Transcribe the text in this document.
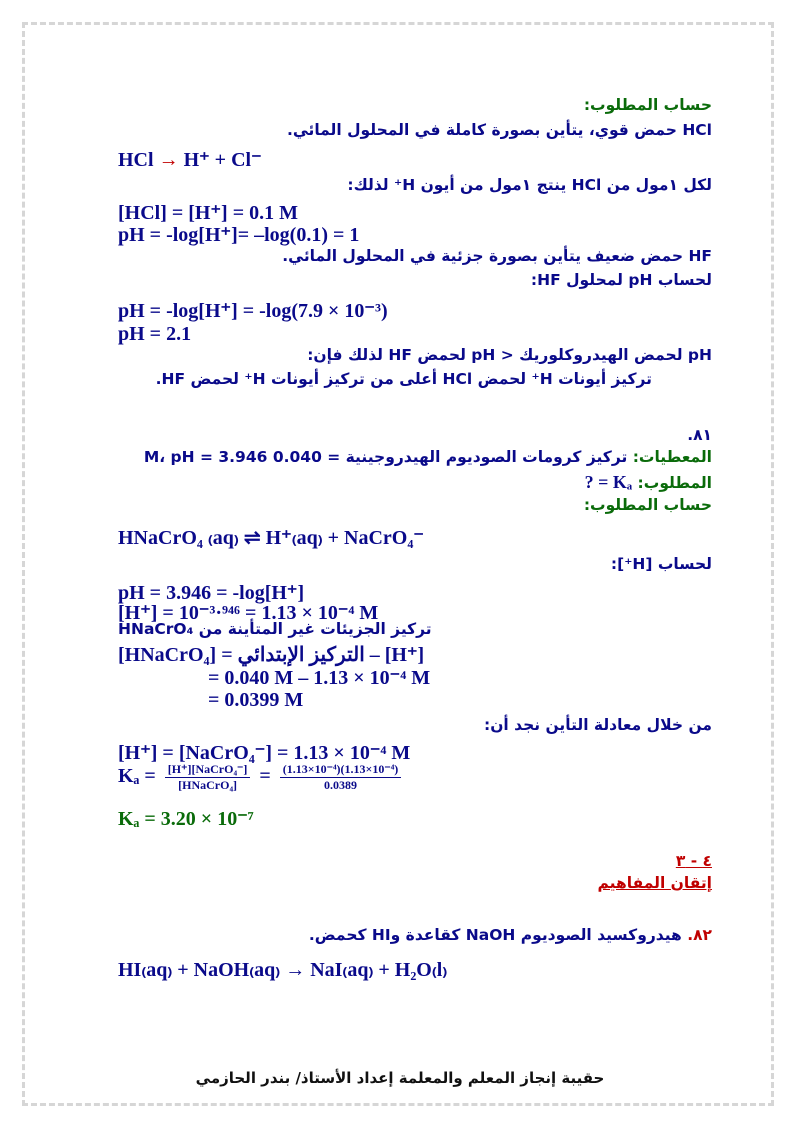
حساب المطلوب:
HCl حمض قوي، يتأين بصورة كاملة في المحلول المائي.
HCl → H⁺ + Cl⁻
لكل ١مول من HCl ينتج ١مول من أيون H⁺ لذلك:
[HCl] = [H⁺] = 0.1 M
pH = -log[H⁺]= –log(0.1) = 1
HF حمض ضعيف يتأين بصورة جزئية في المحلول المائي.
لحساب pH لمحلول HF:
pH = -log[H⁺] = -log(7.9 × 10⁻³)
pH = 2.1
pH لحمض الهيدروكلوريك < pH لحمض HF لذلك فإن:
تركيز أيونات H⁺ لحمض HCl أعلى من تركيز أيونات H⁺ لحمض HF.
٨١.
المعطيات: تركيز كرومات الصوديوم الهيدروجينية = 0.040 M، pH = 3.946
المطلوب: Kₐ = ?
حساب المطلوب:
HNaCrO₄ ₍aq₎ ⇌ H⁺₍aq₎ + NaCrO₄⁻
لحساب [H⁺]:
pH = 3.946 = -log[H⁺]
[H⁺] = 10⁻³·⁹⁴⁶ = 1.13 × 10⁻⁴ M
تركيز الجزيئات غير المتأينة من HNaCrO₄
[HNaCrO₄] = التركيز الإبتدائي – [H⁺]
= 0.040 M – 1.13 × 10⁻⁴ M
= 0.0399 M
من خلال معادلة التأين نجد أن:
[H⁺] = [NaCrO₄⁻] = 1.13 × 10⁻⁴ M
$K_a = \frac{\text{[H⁺][NaCrO₄⁻]}}{\text{[HNaCrO₄]}} = \frac{\text{(1.13×10⁻⁴)(1.13×10⁻⁴)}}{0.0389}$
Kₐ = 3.20 × 10⁻⁷
٤ - ٣
إتقان المفاهيم
٨٢. هيدروكسيد الصوديوم NaOH كقاعدة وHI كحمض.
HI₍aq₎ + NaOH₍aq₎ → NaI₍aq₎ + H₂O₍l₎
حقيبة إنجاز المعلم والمعلمة إعداد الأستاذ/ بندر الحازمي
